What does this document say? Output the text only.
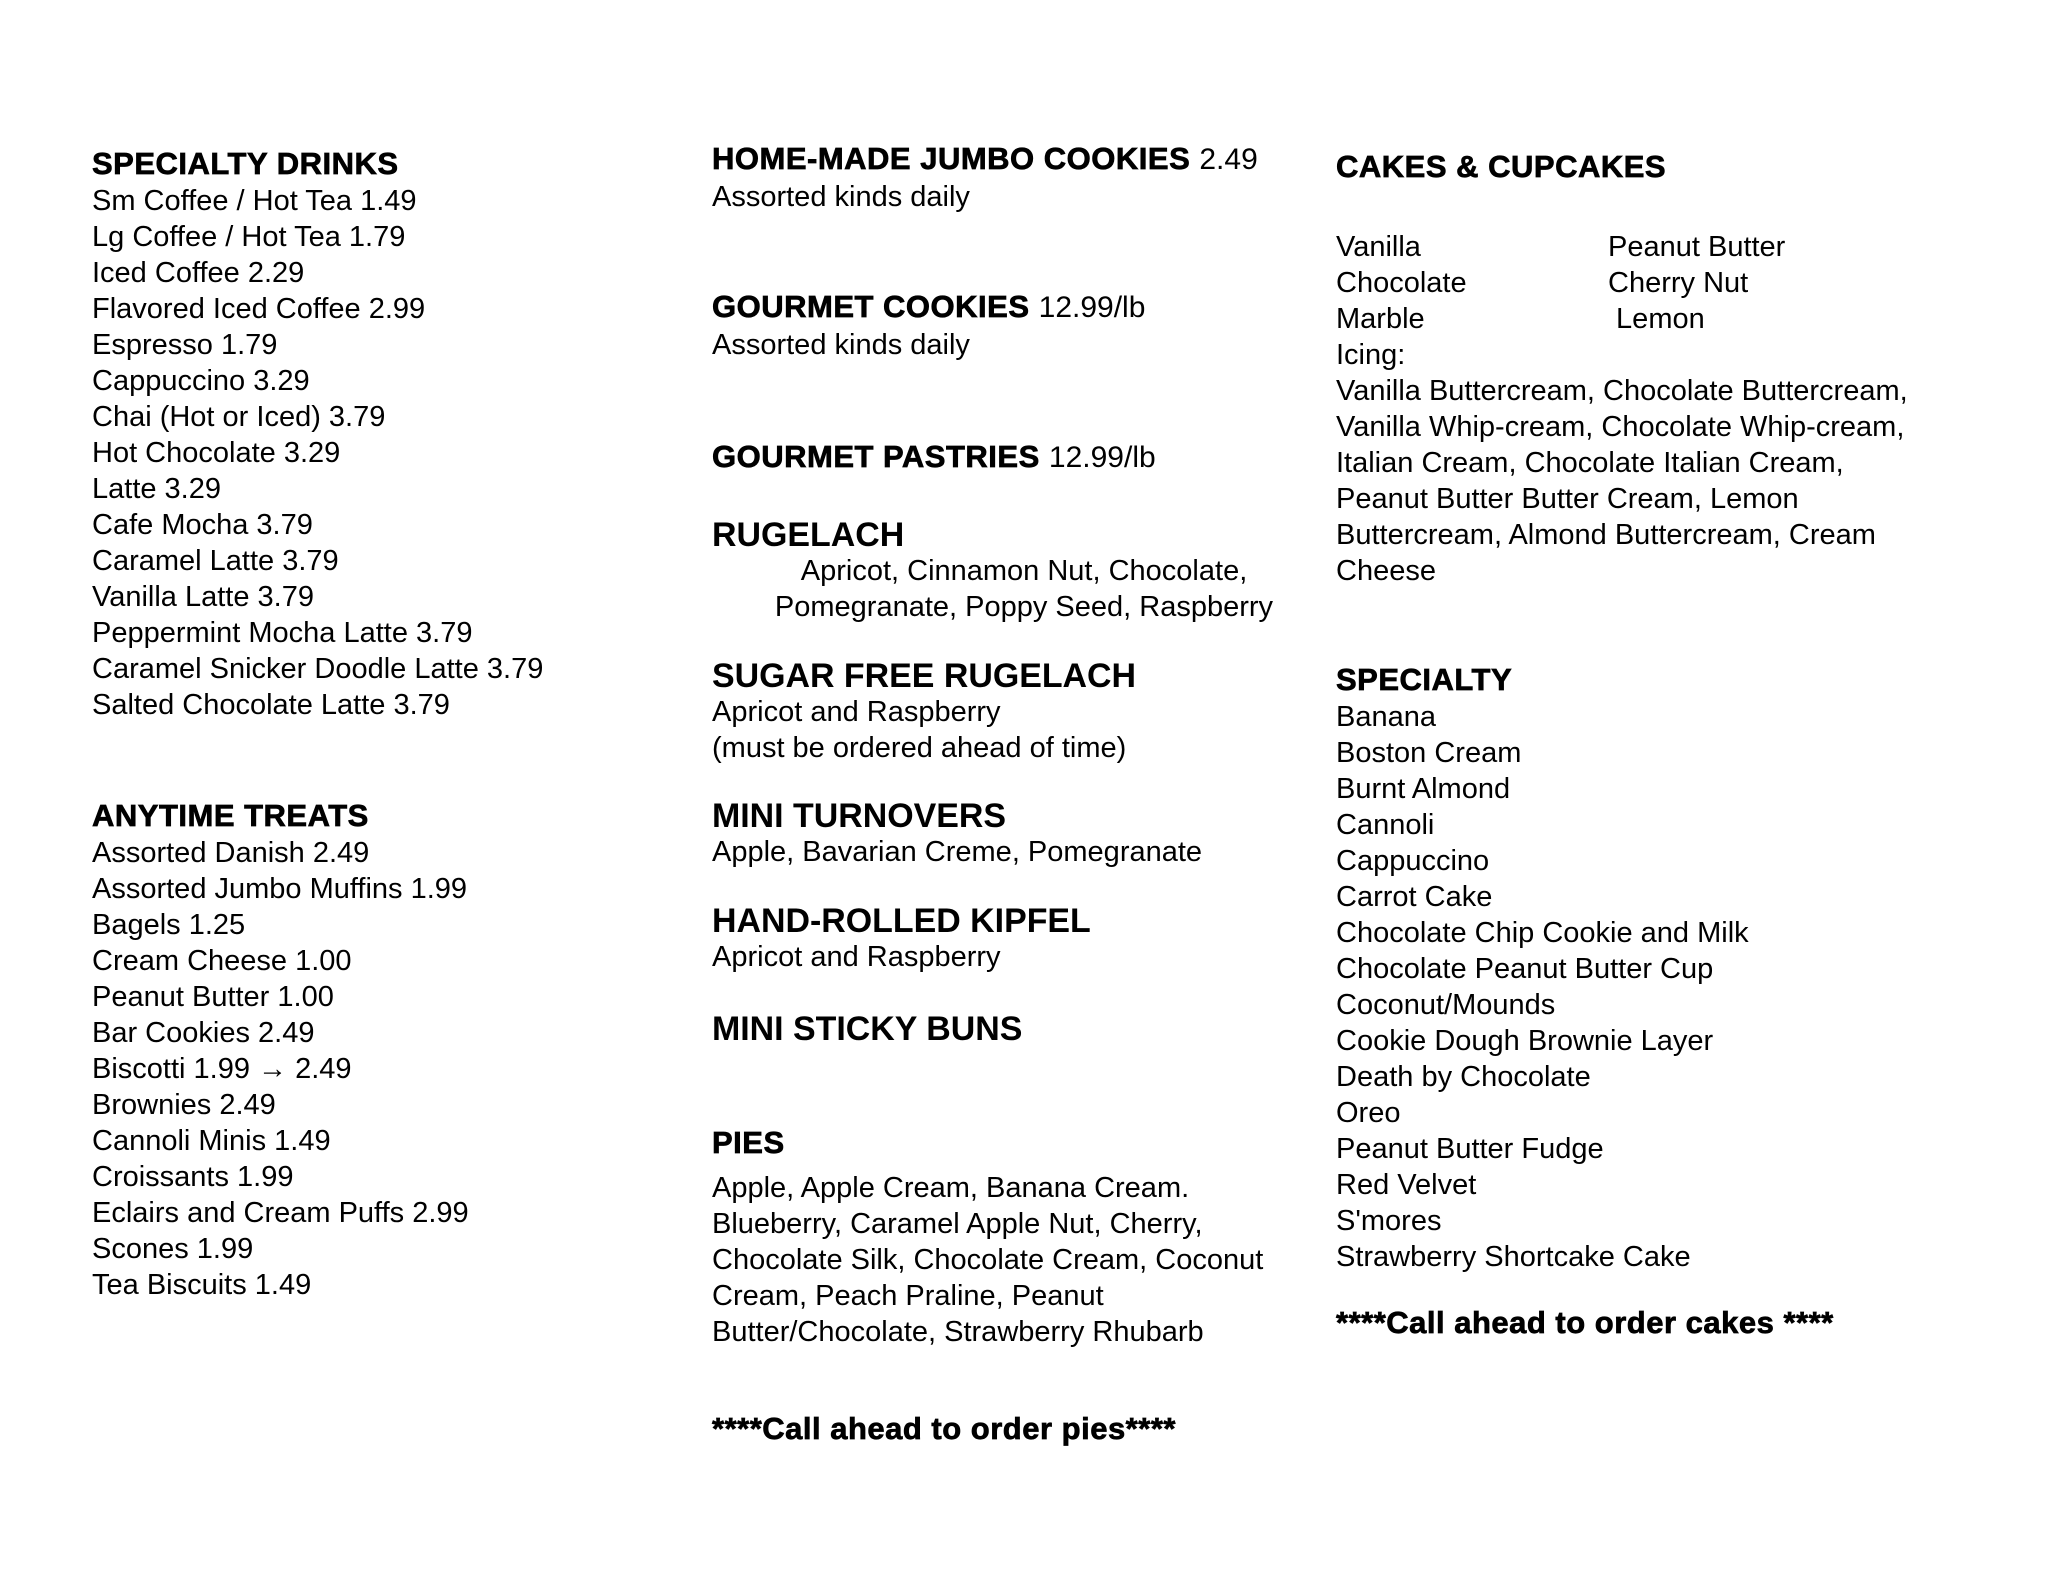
SPECIALTY DRINKS
Sm Coffee / Hot Tea 1.49
Lg Coffee / Hot Tea 1.79
Iced Coffee 2.29
Flavored Iced Coffee 2.99
Espresso 1.79
Cappuccino 3.29
Chai (Hot or Iced) 3.79
Hot Chocolate 3.29
Latte 3.29
Cafe Mocha 3.79
Caramel Latte 3.79
Vanilla Latte 3.79
Peppermint Mocha Latte 3.79
Caramel Snicker Doodle Latte 3.79
Salted Chocolate Latte 3.79
ANYTIME TREATS
Assorted Danish 2.49
Assorted Jumbo Muffins 1.99
Bagels 1.25
Cream Cheese 1.00
Peanut Butter 1.00
Bar Cookies 2.49
Biscotti 1.99 → 2.49
Brownies 2.49
Cannoli Minis 1.49
Croissants 1.99
Eclairs and Cream Puffs 2.99
Scones 1.99
Tea Biscuits 1.49
HOME-MADE JUMBO COOKIES 2.49
Assorted kinds daily
GOURMET COOKIES 12.99/lb
Assorted kinds daily
GOURMET PASTRIES 12.99/lb
RUGELACH
Apricot, Cinnamon Nut, Chocolate,
Pomegranate, Poppy Seed, Raspberry
SUGAR FREE RUGELACH
Apricot and Raspberry
(must be ordered ahead of time)
MINI TURNOVERS
Apple, Bavarian Creme, Pomegranate
HAND-ROLLED KIPFEL
Apricot and Raspberry
MINI STICKY BUNS
PIES
Apple, Apple Cream, Banana Cream.
Blueberry, Caramel Apple Nut, Cherry,
Chocolate Silk, Chocolate Cream, Coconut
Cream, Peach Praline, Peanut
Butter/Chocolate, Strawberry Rhubarb

****Call ahead to order pies****

CAKES & CUPCAKES
Vanilla
Chocolate
Marble
Peanut Butter
Cherry Nut
Lemon
Icing:
Vanilla Buttercream, Chocolate Buttercream,
Vanilla Whip-cream, Chocolate Whip-cream,
Italian Cream, Chocolate Italian Cream,
Peanut Butter Butter Cream, Lemon
Buttercream, Almond Buttercream, Cream
Cheese
SPECIALTY
Banana
Boston Cream
Burnt Almond
Cannoli
Cappuccino
Carrot Cake
Chocolate Chip Cookie and Milk
Chocolate Peanut Butter Cup
Coconut/Mounds
Cookie Dough Brownie Layer
Death by Chocolate
Oreo
Peanut Butter Fudge
Red Velvet
S'mores
Strawberry Shortcake Cake

****Call ahead to order cakes ****
